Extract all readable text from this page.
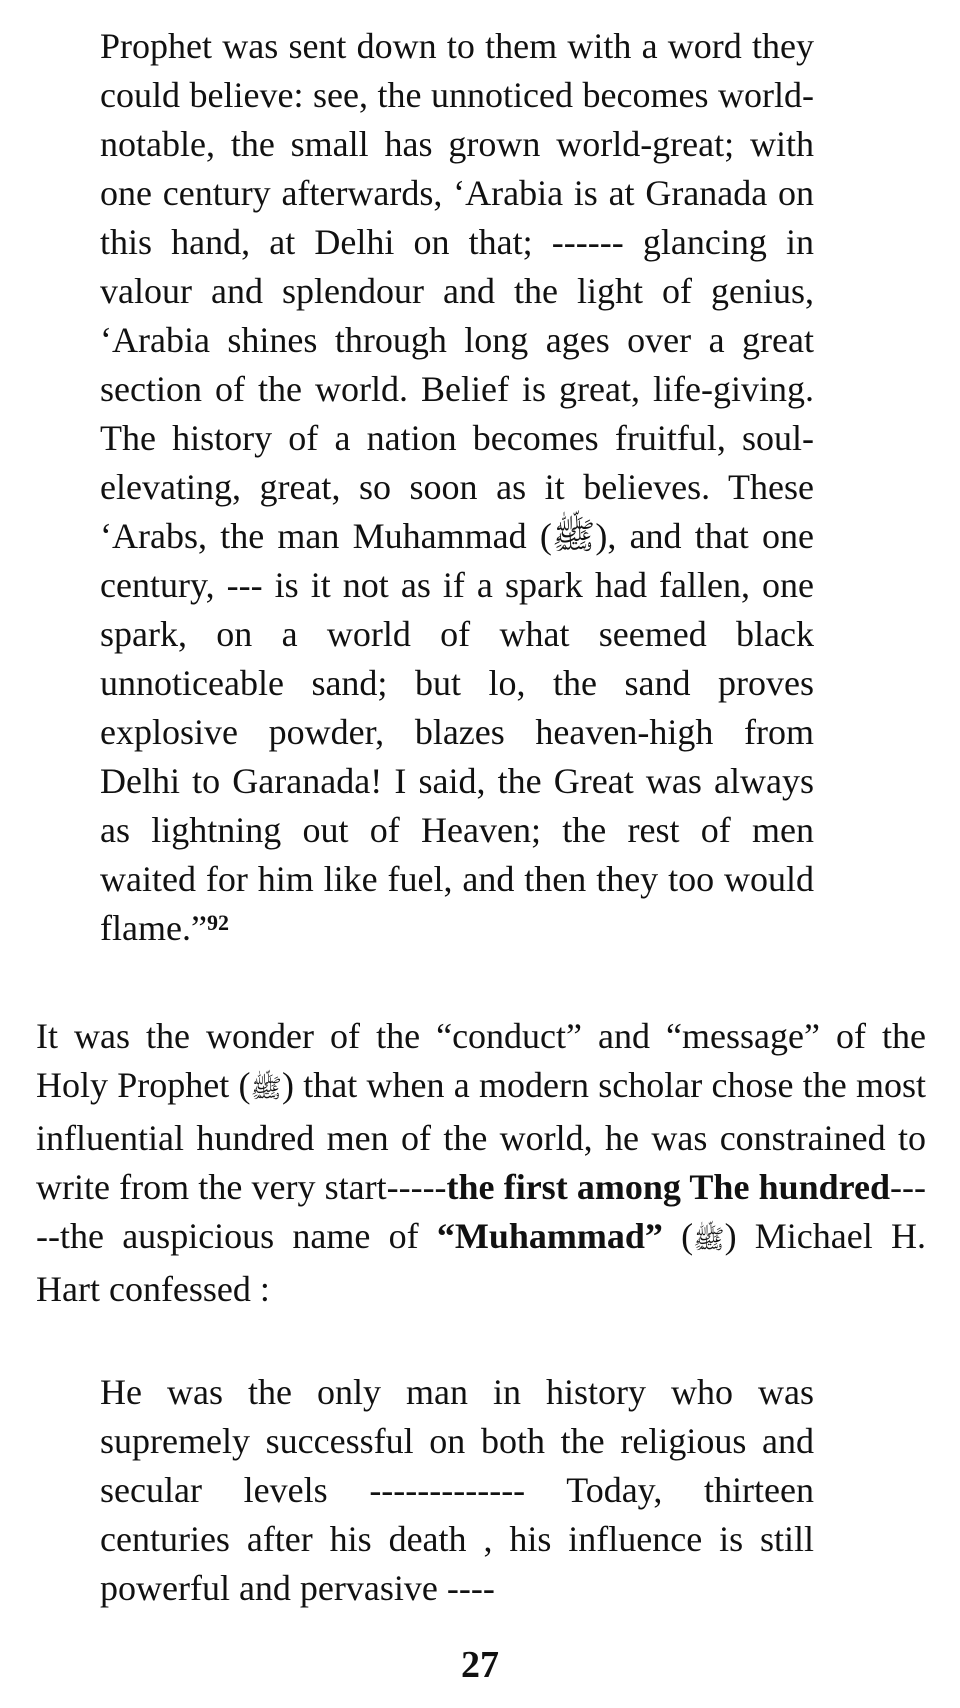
Prophet was sent down to them with a word they could believe: see, the unnoticed becomes world-notable, the small has grown world-great; with one century afterwards, ‘Arabia is at Granada on this hand, at Delhi on that; ------ glancing in valour and splendour and the light of genius, ‘Arabia shines through long ages over a great section of the world. Belief is great, life-giving. The history of a nation becomes fruitful, soul-elevating, great, so soon as it believes. These ‘Arabs, the man Muhammad (ﷺ), and that one century, --- is it not as if a spark had fallen, one spark, on a world of what seemed black unnoticeable sand; but lo, the sand proves explosive powder, blazes heaven-high from Delhi to Garanada! I said, the Great was always as lightning out of Heaven; the rest of men waited for him like fuel, and then they too would flame.”$^{92}$

It was the wonder of the “conduct” and “message” of the Holy Prophet (ﷺ) that when a modern scholar chose the most influential hundred men of the world, he was constrained to write from the very start-----the first among The hundred-----the auspicious name of “Muhammad” (ﷺ) Michael H. Hart confessed :

He was the only man in history who was supremely successful on both the religious and secular levels ------------- Today, thirteen centuries after his death , his influence is still powerful and pervasive ----

27
